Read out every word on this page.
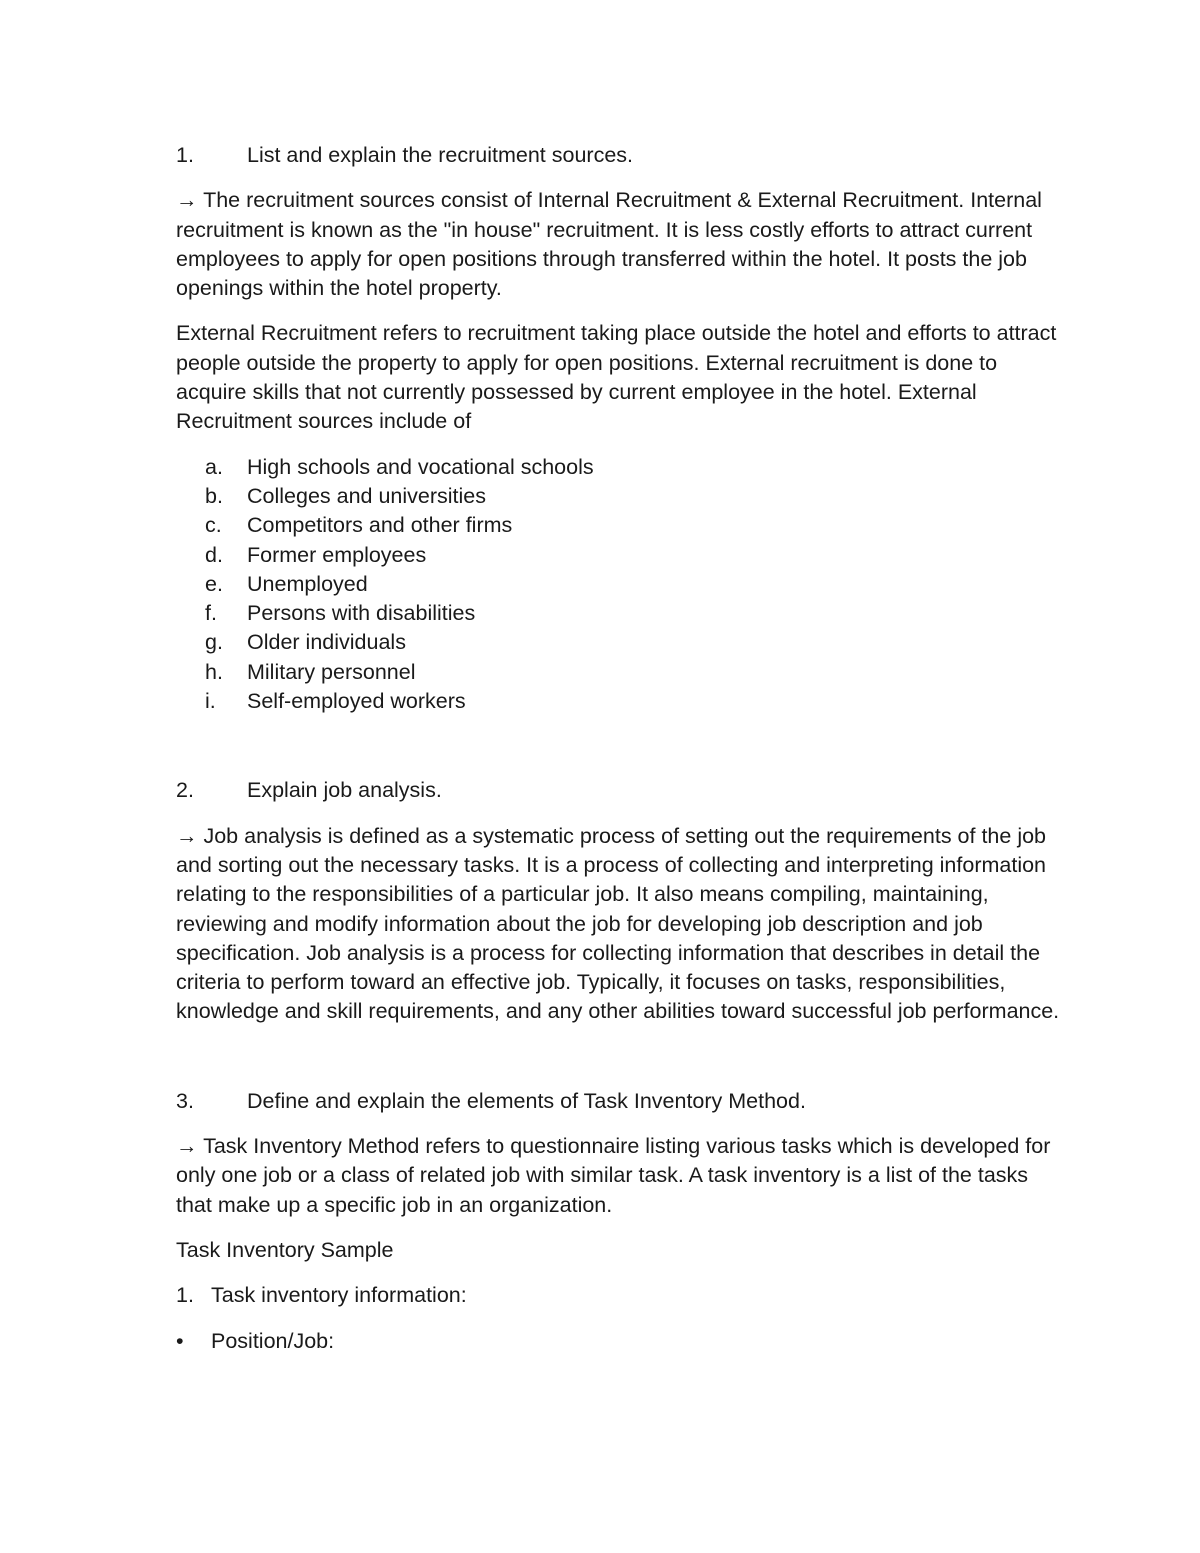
1.	List and explain the recruitment sources.

→ The recruitment sources consist of Internal Recruitment & External Recruitment. Internal recruitment is known as the "in house" recruitment. It is less costly efforts to attract current employees to apply for open positions through transferred within the hotel. It posts the job openings within the hotel property.

External Recruitment refers to recruitment taking place outside the hotel and efforts to attract people outside the property to apply for open positions. External recruitment is done to acquire skills that not currently possessed by current employee in the hotel. External Recruitment sources include of

a.	High schools and vocational schools
b.	Colleges and universities
c.	Competitors and other firms
d.	Former employees
e.	Unemployed
f.	Persons with disabilities
g.	Older individuals
h.	Military personnel
i.	Self-employed workers
2.	Explain job analysis.

→ Job analysis is defined as a systematic process of setting out the requirements of the job and sorting out the necessary tasks. It is a process of collecting and interpreting information relating to the responsibilities of a particular job. It also means compiling, maintaining, reviewing and modify information about the job for developing job description and job specification. Job analysis is a process for collecting information that describes in detail the criteria to perform toward an effective job. Typically, it focuses on tasks, responsibilities, knowledge and skill requirements, and any other abilities toward successful job performance.

3.	Define and explain the elements of Task Inventory Method.

→ Task Inventory Method refers to questionnaire listing various tasks which is developed for only one job or a class of related job with similar task. A task inventory is a list of the tasks that make up a specific job in an organization.

Task Inventory Sample

1. Task inventory information:
•	Position/Job:
